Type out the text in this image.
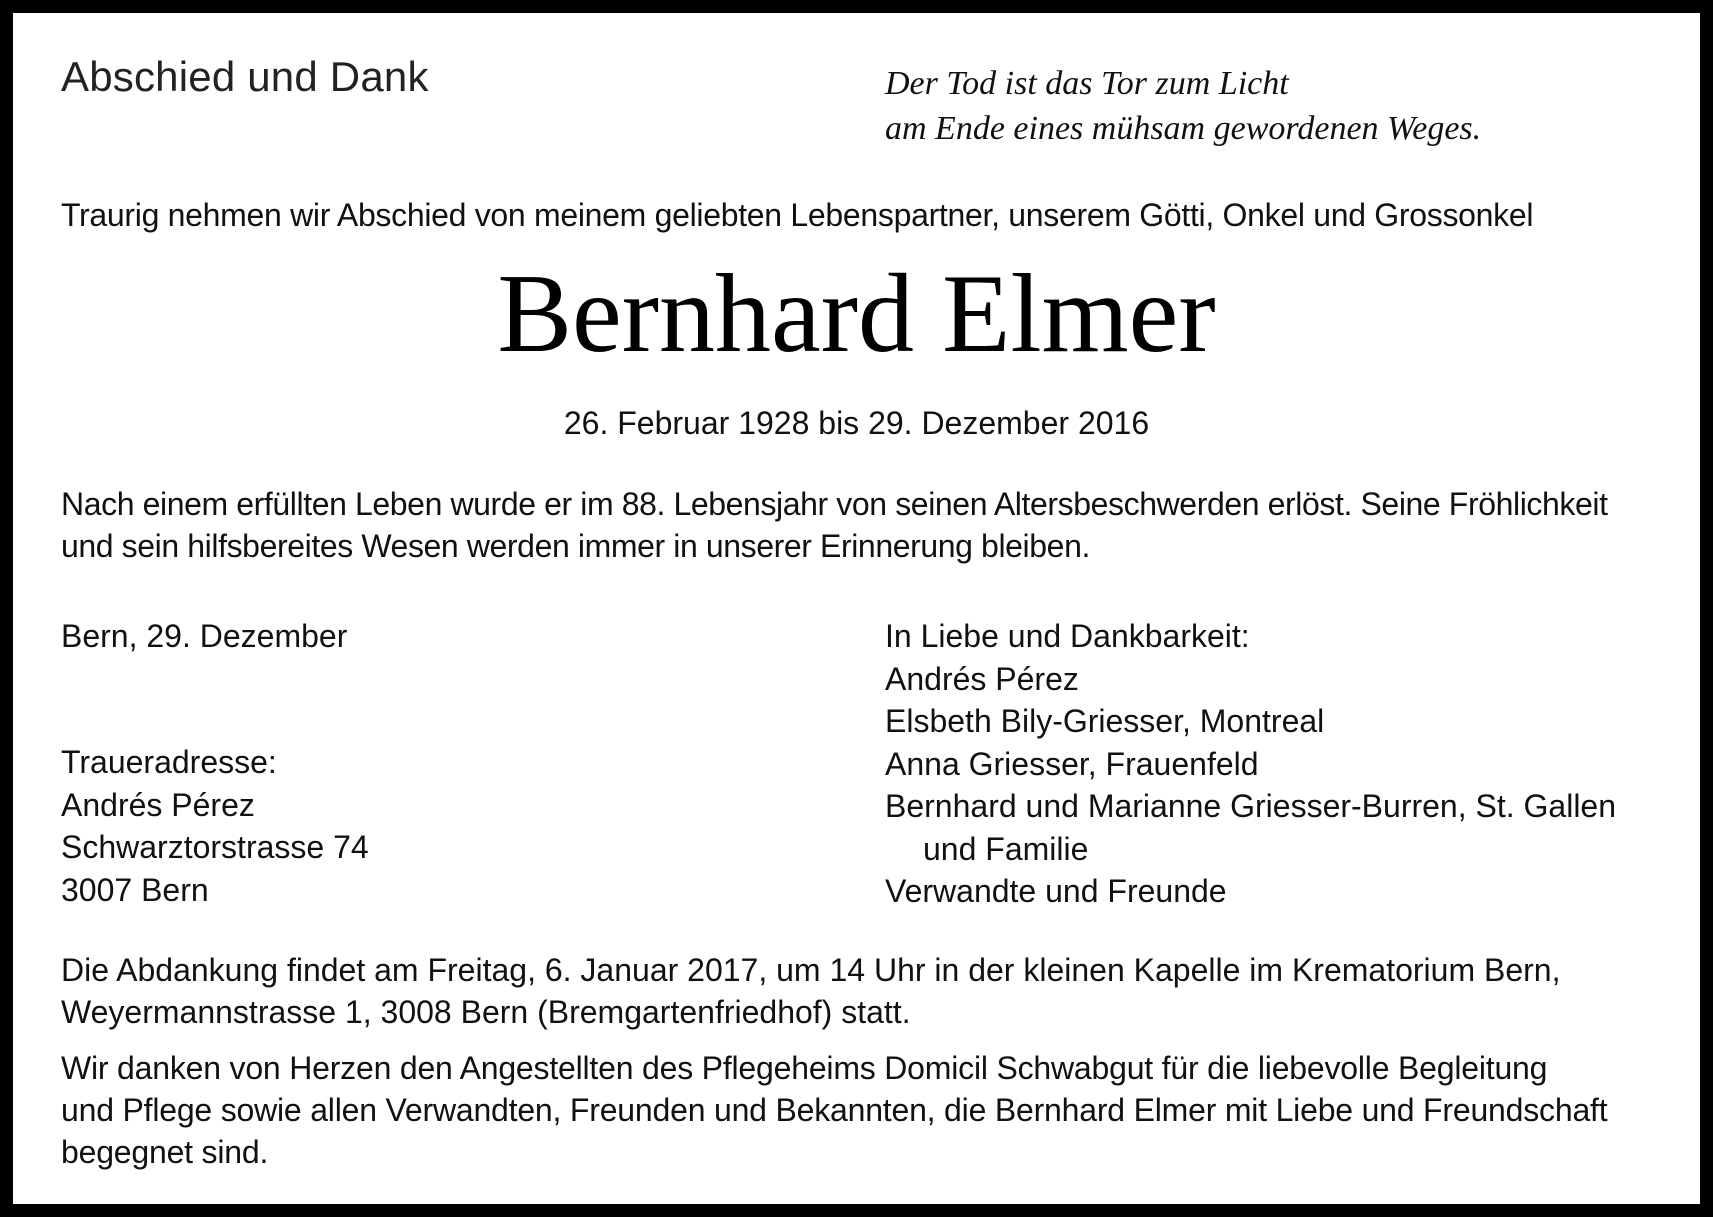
Abschied und Dank	Der Tod ist das Tor zum Licht
am Ende eines mühsam gewordenen Weges.

Traurig nehmen wir Abschied von meinem geliebten Lebenspartner, unserem Götti, Onkel und Grossonkel

Bernhard Elmer

26. Februar 1928 bis 29. Dezember 2016

Nach einem erfüllten Leben wurde er im 88. Lebensjahr von seinen Altersbeschwerden erlöst. Seine Fröhlichkeit
und sein hilfsbereites Wesen werden immer in unserer Erinnerung bleiben.

Bern, 29. Dezember

Traueradresse:
Andrés Pérez
Schwarztorstrasse 74
3007 Bern

In Liebe und Dankbarkeit:
Andrés Pérez
Elsbeth Bily-Griesser, Montreal
Anna Griesser, Frauenfeld
Bernhard und Marianne Griesser-Burren, St. Gallen
und Familie
Verwandte und Freunde

Die Abdankung findet am Freitag, 6. Januar 2017, um 14 Uhr in der kleinen Kapelle im Krematorium Bern,
Weyermannstrasse 1, 3008 Bern (Bremgartenfriedhof) statt.

Wir danken von Herzen den Angestellten des Pflegeheims Domicil Schwabgut für die liebevolle Begleitung
und Pflege sowie allen Verwandten, Freunden und Bekannten, die Bernhard Elmer mit Liebe und Freundschaft
begegnet sind.
